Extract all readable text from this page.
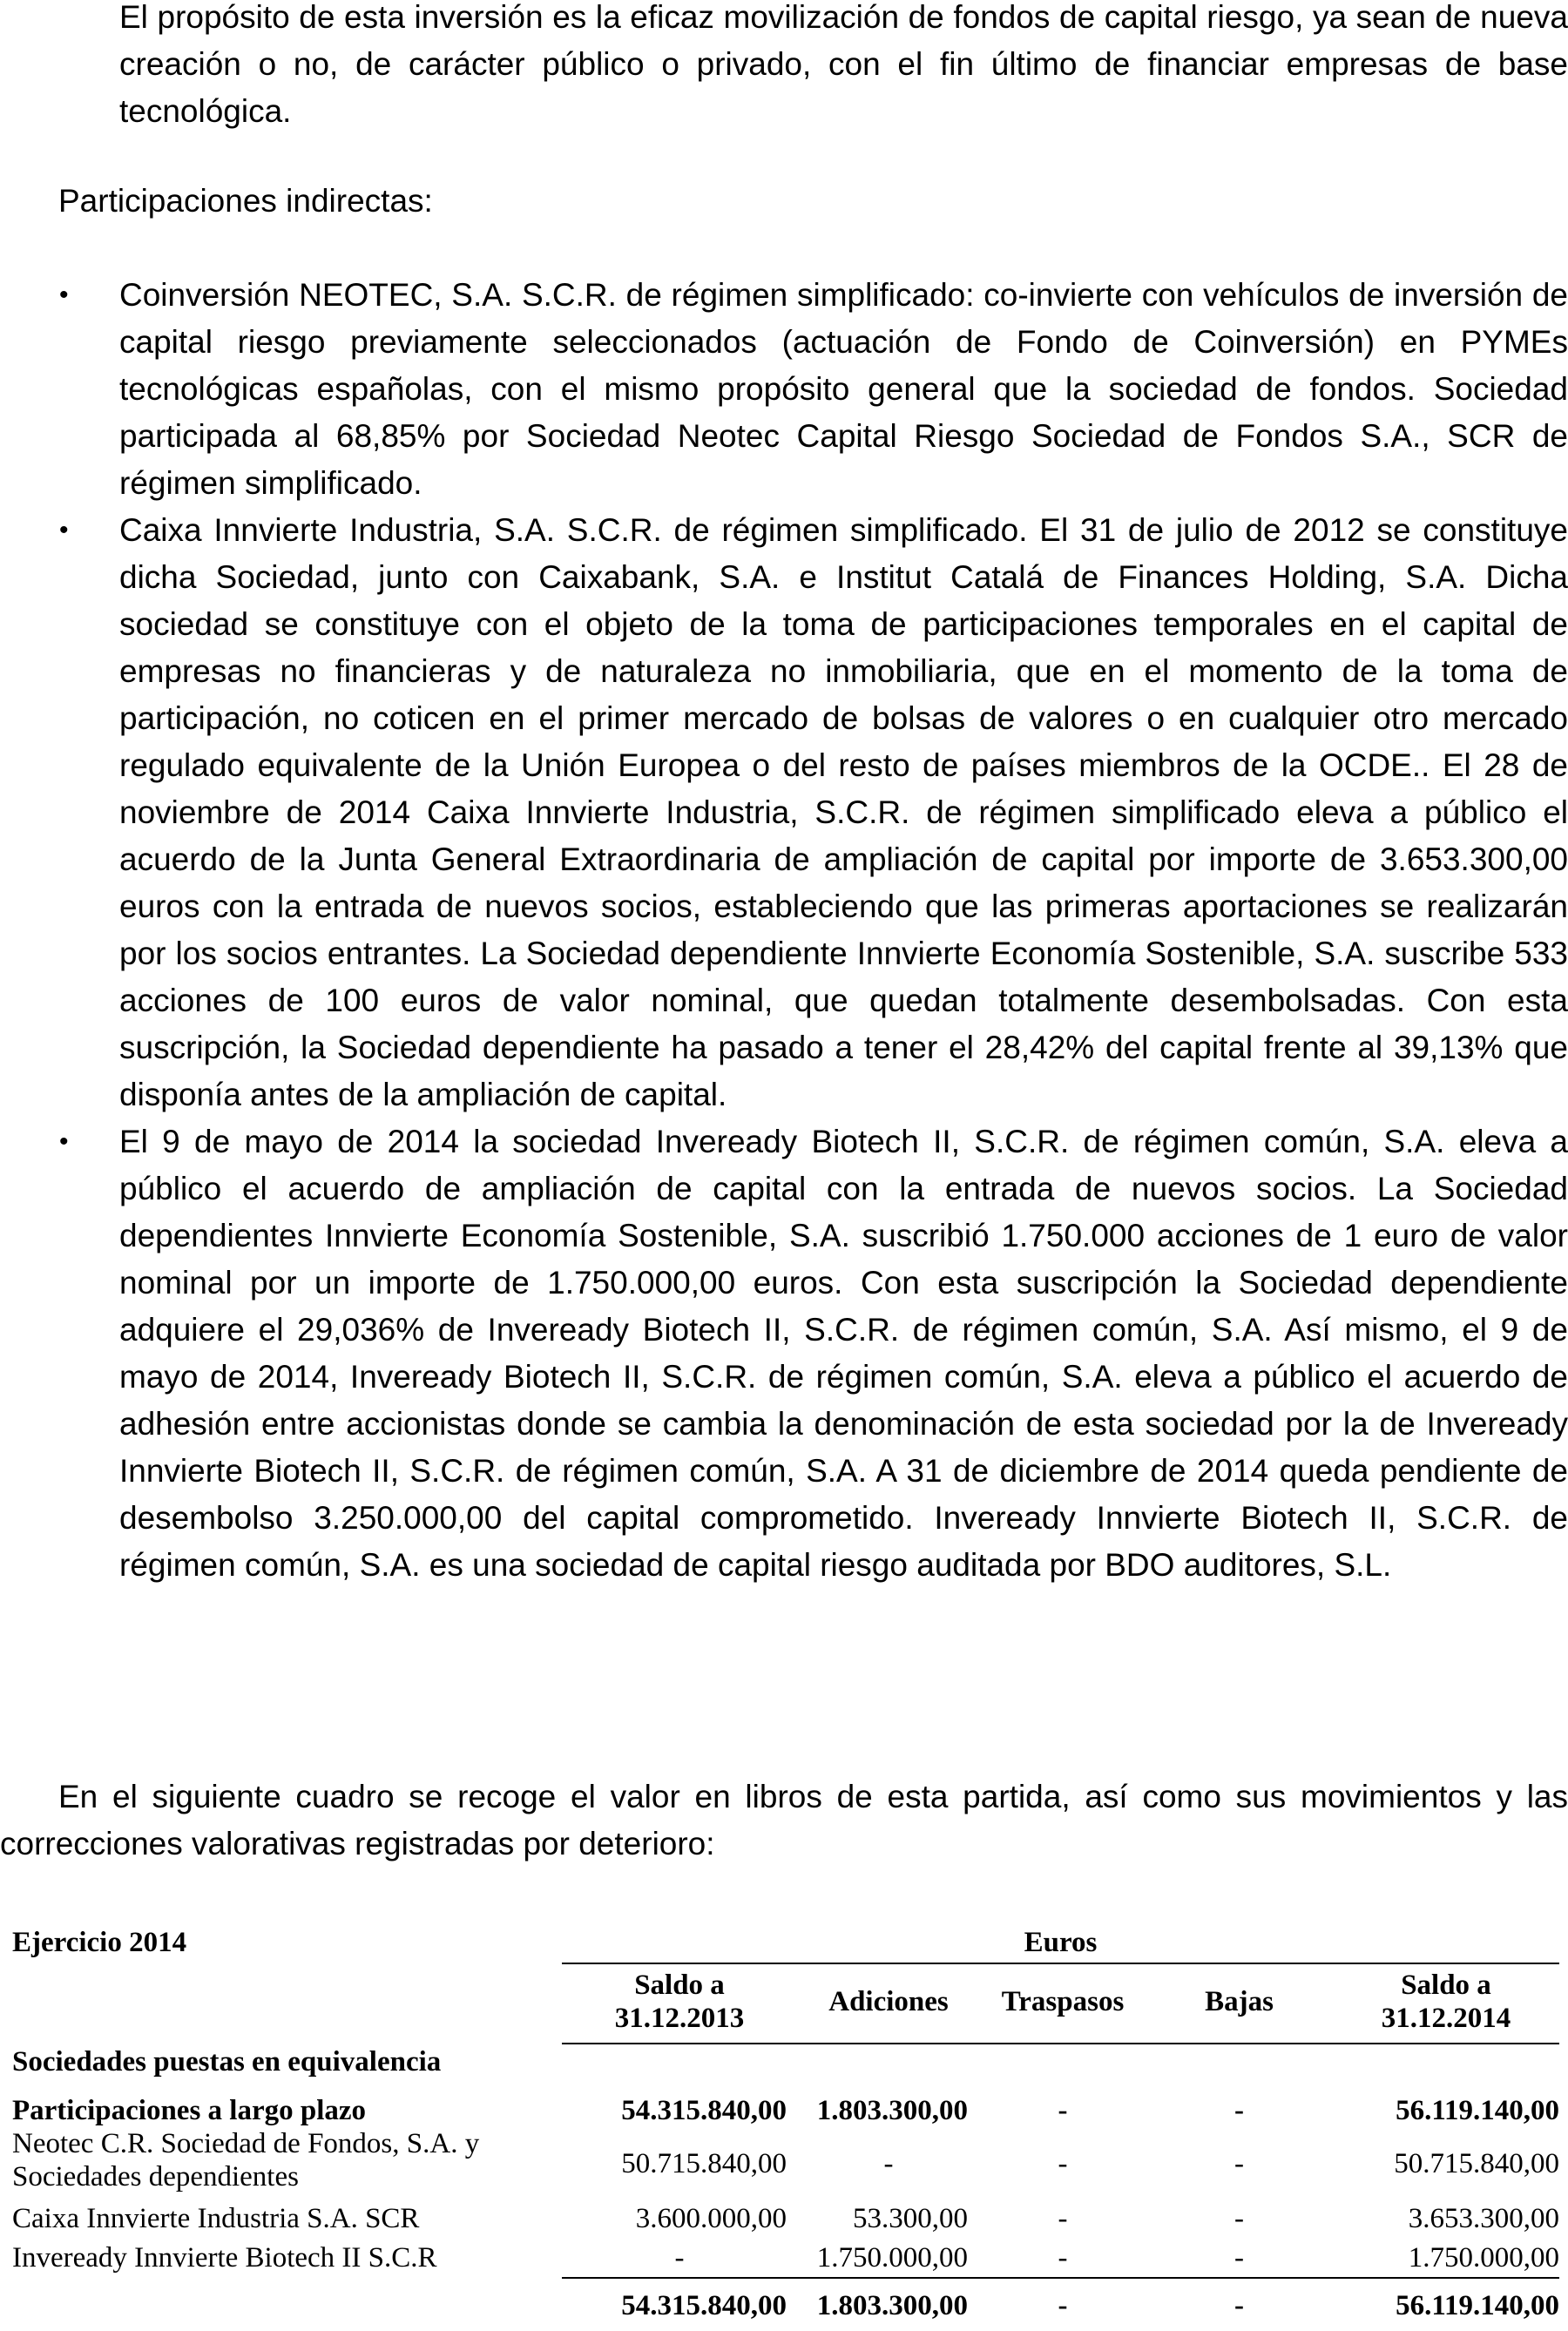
El propósito de esta inversión es la eficaz movilización de fondos de capital riesgo, ya sean de nueva creación o no, de carácter público o privado, con el fin último de financiar empresas de base tecnológica.
Participaciones indirectas:
• Coinversión NEOTEC, S.A. S.C.R. de régimen simplificado: co-invierte con vehículos de inversión de capital riesgo previamente seleccionados (actuación de Fondo de Coinversión) en PYMEs tecnológicas españolas, con el mismo propósito general que la sociedad de fondos. Sociedad participada al 68,85% por Sociedad Neotec Capital Riesgo Sociedad de Fondos S.A., SCR de régimen simplificado.
• Caixa Innvierte Industria, S.A. S.C.R. de régimen simplificado. El 31 de julio de 2012 se constituye dicha Sociedad, junto con Caixabank, S.A. e Institut Catalá de Finances Holding, S.A. Dicha sociedad se constituye con el objeto de la toma de participaciones temporales en el capital de empresas no financieras y de naturaleza no inmobiliaria, que en el momento de la toma de participación, no coticen en el primer mercado de bolsas de valores o en cualquier otro mercado regulado equivalente de la Unión Europea o del resto de países miembros de la OCDE.. El 28 de noviembre de 2014 Caixa Innvierte Industria, S.C.R. de régimen simplificado eleva a público el acuerdo de la Junta General Extraordinaria de ampliación de capital por importe de 3.653.300,00 euros con la entrada de nuevos socios, estableciendo que las primeras aportaciones se realizarán por los socios entrantes. La Sociedad dependiente Innvierte Economía Sostenible, S.A. suscribe 533 acciones de 100 euros de valor nominal, que quedan totalmente desembolsadas. Con esta suscripción, la Sociedad dependiente ha pasado a tener el 28,42% del capital frente al 39,13% que disponía antes de la ampliación de capital.
• El 9 de mayo de 2014 la sociedad Inveready Biotech II, S.C.R. de régimen común, S.A. eleva a público el acuerdo de ampliación de capital con la entrada de nuevos socios. La Sociedad dependientes Innvierte Economía Sostenible, S.A. suscribió 1.750.000 acciones de 1 euro de valor nominal por un importe de 1.750.000,00 euros. Con esta suscripción la Sociedad dependiente adquiere el 29,036% de Inveready Biotech II, S.C.R. de régimen común, S.A. Así mismo, el 9 de mayo de 2014, Inveready Biotech II, S.C.R. de régimen común, S.A. eleva a público el acuerdo de adhesión entre accionistas donde se cambia la denominación de esta sociedad por la de Inveready Innvierte Biotech II, S.C.R. de régimen común, S.A. A 31 de diciembre de 2014 queda pendiente de desembolso 3.250.000,00 del capital comprometido. Inveready Innvierte Biotech II, S.C.R. de régimen común, S.A. es una sociedad de capital riesgo auditada por BDO auditores, S.L.
En el siguiente cuadro se recoge el valor en libros de esta partida, así como sus movimientos y las correcciones valorativas registradas por deterioro:
Ejercicio 2014	Euros
Saldo a
31.12.2013
Adiciones	Traspasos	Bajas
Saldo a
31.12.2014
Sociedades puestas en equivalencia
Participaciones a largo plazo	54.315.840,00	1.803.300,00	-	-	56.119.140,00
Neotec C.R. Sociedad de Fondos, S.A. y
Sociedades dependientes	50.715.840,00	-	-	-	50.715.840,00
Caixa Innvierte Industria S.A. SCR	3.600.000,00	53.300,00	-	-	3.653.300,00
Inveready Innvierte Biotech II S.C.R	-	1.750.000,00	-	-	1.750.000,00
54.315.840,00	1.803.300,00	-	-	56.119.140,00
